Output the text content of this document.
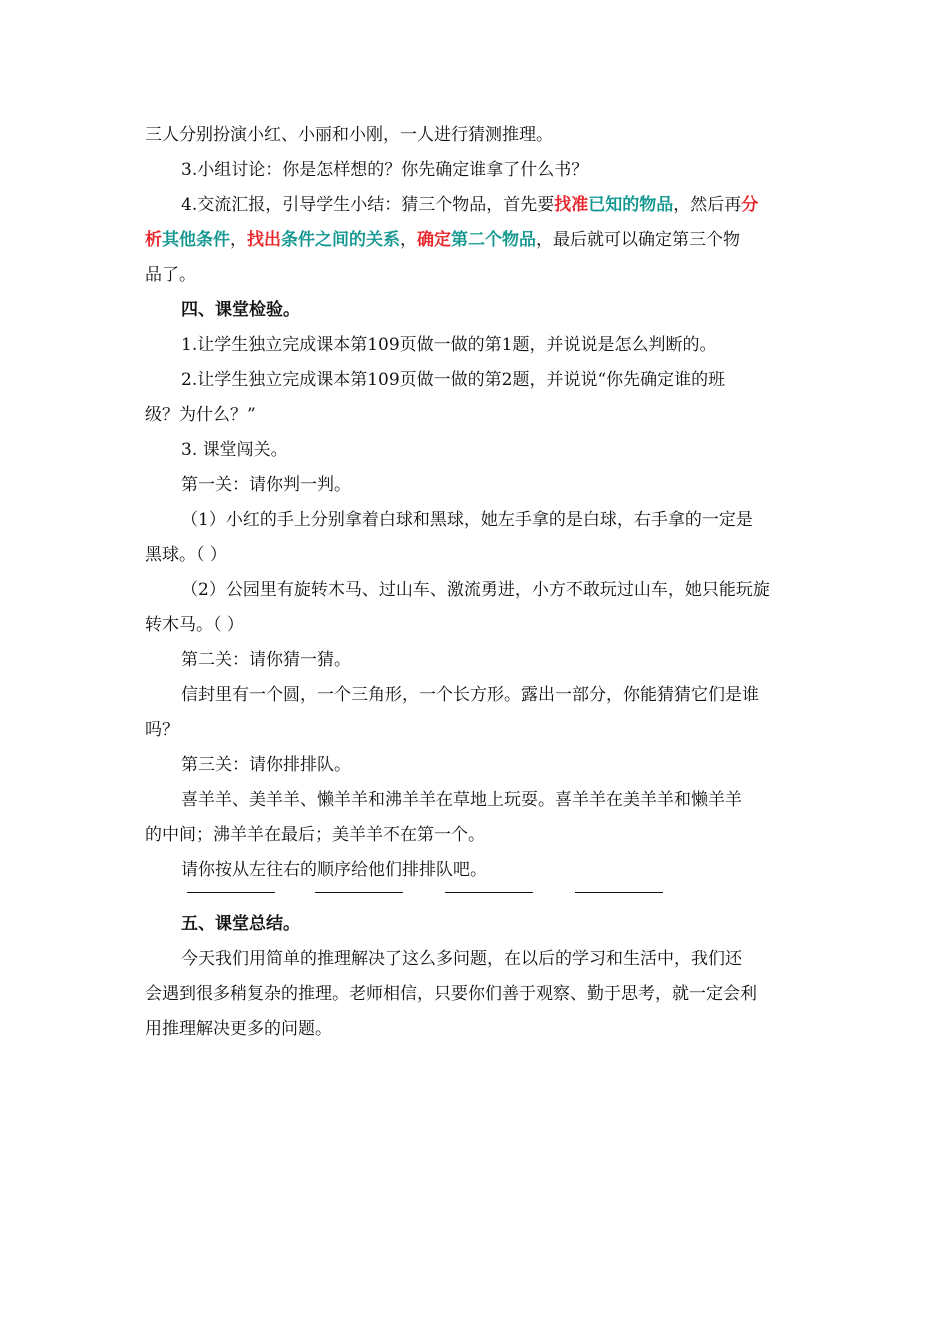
三人分别扮演小红、小丽和小刚，一人进行猜测推理。
3.小组讨论：你是怎样想的？你先确定谁拿了什么书？
4.交流汇报，引导学生小结：猜三个物品，首先要找准已知的物品，然后再分
析其他条件，找出条件之间的关系，确定第二个物品，最后就可以确定第三个物
品了。
四、课堂检验。
1.让学生独立完成课本第109页做一做的第1题，并说说是怎么判断的。
2.让学生独立完成课本第109页做一做的第2题，并说说“你先确定谁的班
级？为什么？”
3. 课堂闯关。
第一关：请你判一判。
（1）小红的手上分别拿着白球和黑球，她左手拿的是白球，右手拿的一定是
黑球。（ ）
（2）公园里有旋转木马、过山车、激流勇进，小方不敢玩过山车，她只能玩旋
转木马。（ ）
第二关：请你猜一猜。
信封里有一个圆，一个三角形，一个长方形。露出一部分，你能猜猜它们是谁
吗？
第三关：请你排排队。
喜羊羊、美羊羊、懒羊羊和沸羊羊在草地上玩耍。喜羊羊在美羊羊和懒羊羊
的中间；沸羊羊在最后；美羊羊不在第一个。
请你按从左往右的顺序给他们排排队吧。
五、课堂总结。
今天我们用简单的推理解决了这么多问题，在以后的学习和生活中，我们还
会遇到很多稍复杂的推理。老师相信，只要你们善于观察、勤于思考，就一定会利
用推理解决更多的问题。
